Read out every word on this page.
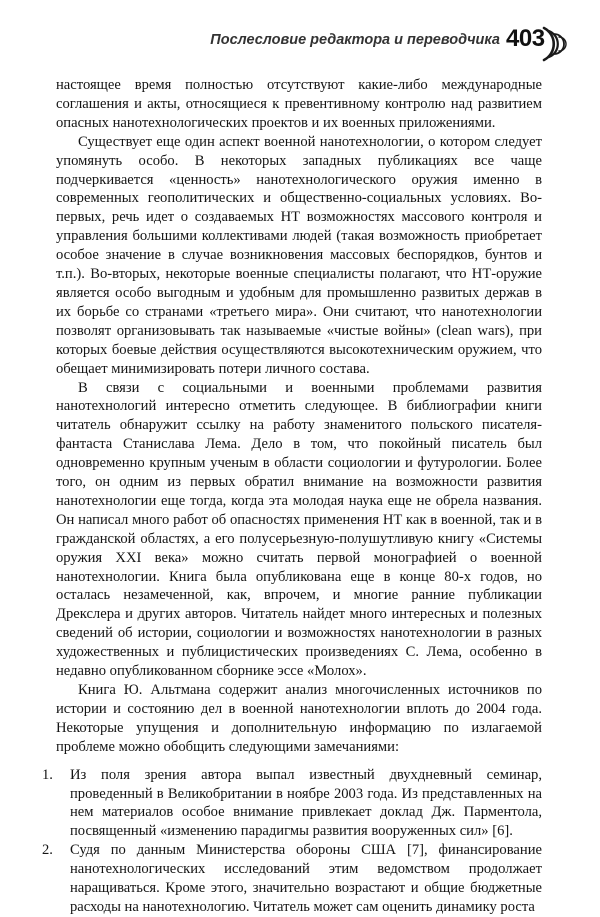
Послесловие редактора и переводчика 403

настоящее время полностью отсутствуют какие-либо международные соглашения и акты, относящиеся к превентивному контролю над развитием опасных нанотехнологических проектов и их военных приложениями.

Существует еще один аспект военной нанотехнологии, о котором следует упомянуть особо. В некоторых западных публикациях все чаще подчеркивается «ценность» нанотехнологического оружия именно в современных геополитических и общественно-социальных условиях. Во-первых, речь идет о создаваемых НТ возможностях массового контроля и управления большими коллективами людей (такая возможность приобретает особое значение в случае возникновения массовых беспорядков, бунтов и т.п.). Во-вторых, некоторые военные специалисты полагают, что НТ-оружие является особо выгодным и удобным для промышленно развитых держав в их борьбе со странами «третьего мира». Они считают, что нанотехнологии позволят организовывать так называемые «чистые войны» (clean wars), при которых боевые действия осуществляются высокотехническим оружием, что обещает минимизировать потери личного состава.

В связи с социальными и военными проблемами развития нанотехнологий интересно отметить следующее. В библиографии книги читатель обнаружит ссылку на работу знаменитого польского писателя-фантаста Станислава Лема. Дело в том, что покойный писатель был одновременно крупным ученым в области социологии и футурологии. Более того, он одним из первых обратил внимание на возможности развития нанотехнологии еще тогда, когда эта молодая наука еще не обрела названия. Он написал много работ об опасностях применения НТ как в военной, так и в гражданской областях, а его полусерьезную-полушутливую книгу «Системы оружия XXI века» можно считать первой монографией о военной нанотехнологии. Книга была опубликована еще в конце 80-х годов, но осталась незамеченной, как, впрочем, и многие ранние публикации Дрекслера и других авторов. Читатель найдет много интересных и полезных сведений об истории, социологии и возможностях нанотехнологии в разных художественных и публицистических произведениях С. Лема, особенно в недавно опубликованном сборнике эссе «Молох».

Книга Ю. Альтмана содержит анализ многочисленных источников по истории и состоянию дел в военной нанотехнологии вплоть до 2004 года. Некоторые упущения и дополнительную информацию по излагаемой проблеме можно обобщить следующими замечаниями:

1. Из поля зрения автора выпал известный двухдневный семинар, проведенный в Великобритании в ноябре 2003 года. Из представленных на нем материалов особое внимание привлекает доклад Дж. Парментола, посвященный «изменению парадигмы развития вооруженных сил» [6].
2. Судя по данным Министерства обороны США [7], финансирование нанотехнологических исследований этим ведомством продолжает наращиваться. Кроме этого, значительно возрастают и общие бюджетные расходы на нанотехнологию. Читатель может сам оценить динамику роста
